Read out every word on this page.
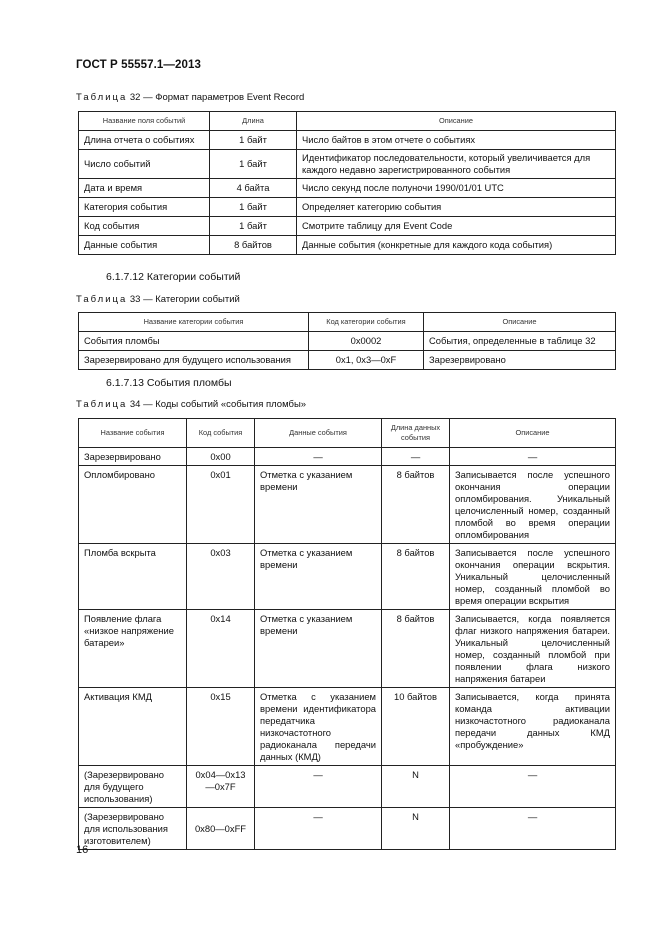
ГОСТ Р 55557.1—2013
Таблица 32 — Формат параметров Event Record
Название поля событий	Длина	Описание
Длина отчета о событиях	1 байт	Число байтов в этом отчете о событиях
Число событий	1 байт	Идентификатор последовательности, который увеличивается для каждого недавно зарегистрированного события
Дата и время	4 байта	Число секунд после полуночи 1990/01/01 UTC
Категория события	1 байт	Определяет категорию события
Код события	1 байт	Смотрите таблицу для Event Code
Данные события	8 байтов	Данные события (конкретные для каждого кода события)
6.1.7.12 Категории событий
Таблица 33 — Категории событий
Название категории события	Код категории события	Описание
События пломбы	0x0002	События, определенные в таблице 32
Зарезервировано для будущего использования	0x1, 0x3—0xF	Зарезервировано
6.1.7.13 События пломбы
Таблица 34 — Коды событий «события пломбы»
Название события	Код события	Данные события	Длина данных события	Описание
Зарезервировано	0x00	—	—	—
Опломбировано	0x01	Отметка с указанием времени	8 байтов	Записывается после успешного окончания операции опломбирования. Уникальный целочисленный номер, созданный пломбой во время операции опломбирования
Пломба вскрыта	0x03	Отметка с указанием времени	8 байтов	Записывается после успешного окончания операции вскрытия. Уникальный целочисленный номер, созданный пломбой во время операции вскрытия
Появление флага «низкое напряжение батареи»	0x14	Отметка с указанием времени	8 байтов	Записывается, когда появляется флаг низкого напряжения батареи. Уникальный целочисленный номер, созданный пломбой при появлении флага низкого напряжения батареи
Активация КМД	0x15	Отметка с указанием времени идентификатора передатчика низкочастотного радиоканала передачи данных (КМД)	10 байтов	Записывается, когда принята команда активации низкочастотного радиоканала передачи данных КМД «пробуждение»
(Зарезервировано для будущего использования)	0x04—0x13—0x7F	—	N	—
(Зарезервировано для использования изготовителем)	0x80—0xFF	—	N	—
16
